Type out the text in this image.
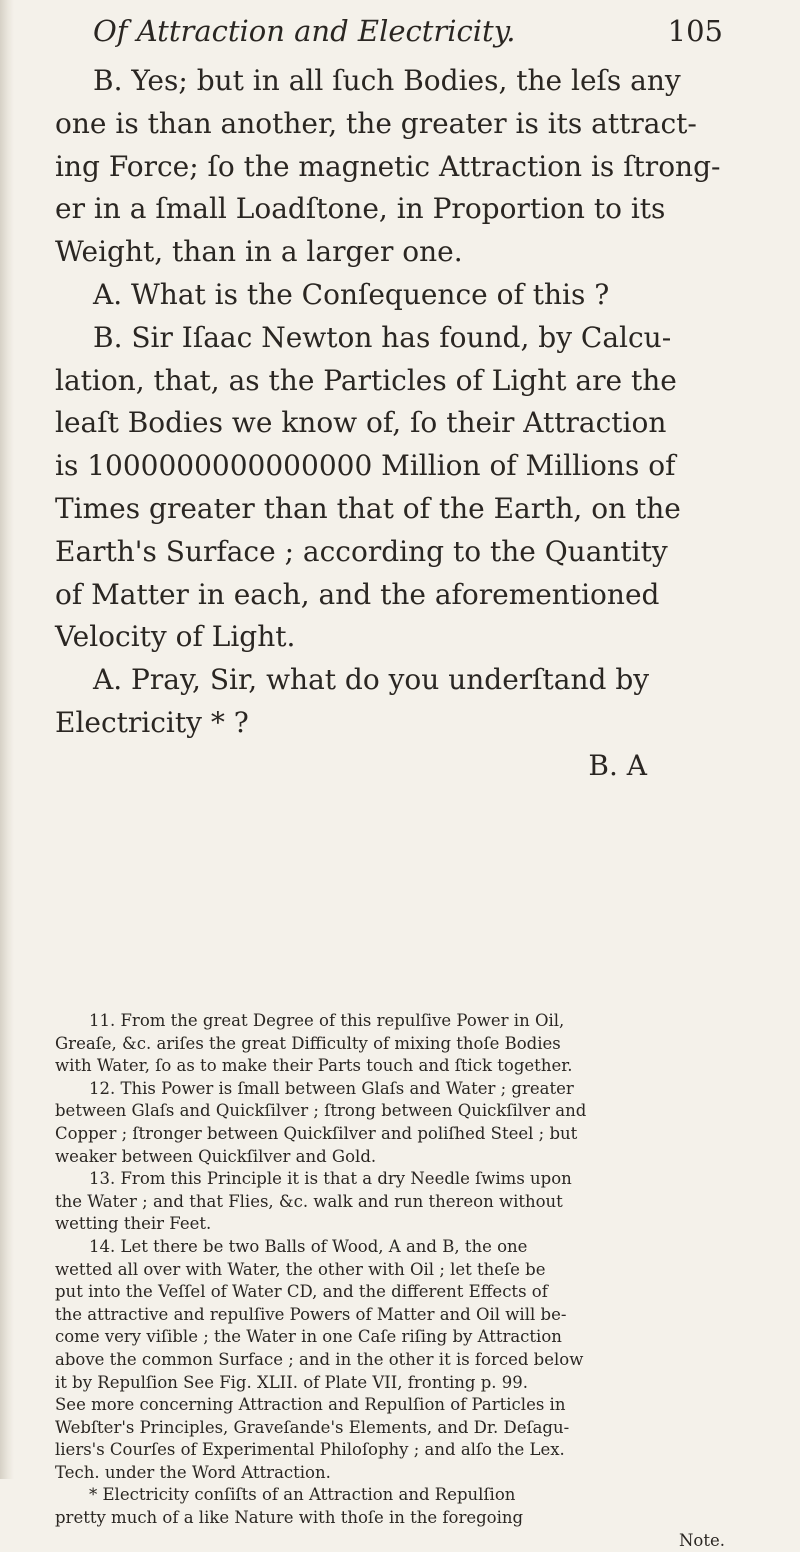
Of Attraction and Electricity.	105
B. Yes; but in all ſuch Bodies, the leſs any
one is than another, the greater is its attract-
ing Force; ſo the magnetic Attraction is ſtrong-
er in a ſmall Loadſtone, in Proportion to its
Weight, than in a larger one.
A. What is the Conſequence of this ?
B. Sir Iſaac Newton has found, by Calcu-
lation, that, as the Particles of Light are the
leaſt Bodies we know of, ſo their Attraction
is 1000000000000000 Million of Millions of
Times greater than that of the Earth, on the
Earth's Surface ; according to the Quantity
of Matter in each, and the aforementioned
Velocity of Light.
A. Pray, Sir, what do you underſtand by
Electricity * ?
B. A
11. From the great Degree of this repulſive Power in Oil,
Greaſe, &c. ariſes the great Difficulty of mixing thoſe Bodies
with Water, ſo as to make their Parts touch and ſtick together.
12. This Power is ſmall between Glaſs and Water ; greater
between Glaſs and Quickſilver ; ſtrong between Quickſilver and
Copper ; ſtronger between Quickſilver and poliſhed Steel ; but
weaker between Quickſilver and Gold.
13. From this Principle it is that a dry Needle ſwims upon
the Water ; and that Flies, &c. walk and run thereon without
wetting their Feet.
14. Let there be two Balls of Wood, A and B, the one
wetted all over with Water, the other with Oil ; let theſe be
put into the Veſſel of Water CD, and the different Effects of
the attractive and repulſive Powers of Matter and Oil will be-
come very viſible ; the Water in one Caſe riſing by Attraction
above the common Surface ; and in the other it is forced below
it by Repulſion See Fig. XLII. of Plate VII, fronting p. 99.
See more concerning Attraction and Repulſion of Particles in
Webſter's Principles, Graveſande's Elements, and Dr. Deſagu-
liers's Courſes of Experimental Philoſophy ; and alſo the Lex.
Tech. under the Word Attraction.
* Electricity conſiſts of an Attraction and Repulſion
pretty much of a like Nature with thoſe in the foregoing
Note.
